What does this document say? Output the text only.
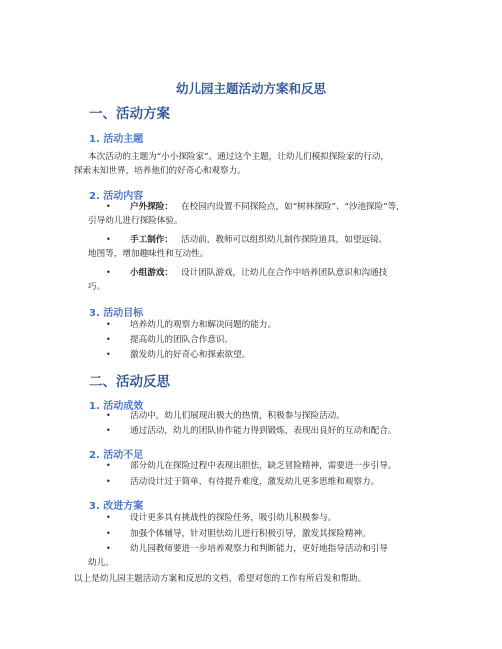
幼儿园主题活动方案和反思
一、活动方案
1. 活动主题
本次活动的主题为“小小探险家”。通过这个主题，让幼儿们模拟探险家的行动，
探索未知世界，培养他们的好奇心和观察力。
2. 活动内容
•	户外探险： 在校园内设置不同探险点，如“树林探险”、“沙池探险”等，
引导幼儿进行探险体验。
•	手工制作： 活动前，教师可以组织幼儿制作探险道具，如望远镜、
地图等，增加趣味性和互动性。
•	小组游戏： 设计团队游戏，让幼儿在合作中培养团队意识和沟通技
巧。
3. 活动目标
•	培养幼儿的观察力和解决问题的能力。
•	提高幼儿的团队合作意识。
•	激发幼儿的好奇心和探索欲望。
二、活动反思
1. 活动成效
•	活动中，幼儿们展现出极大的热情，积极参与探险活动。
•	通过活动，幼儿的团队协作能力得到锻炼，表现出良好的互动和配合。
2. 活动不足
•	部分幼儿在探险过程中表现出胆怯，缺乏冒险精神，需要进一步引导。
•	活动设计过于简单，有待提升难度，激发幼儿更多思维和观察力。
3. 改进方案
•	设计更多具有挑战性的探险任务，吸引幼儿积极参与。
•	加强个体辅导，针对胆怯幼儿进行积极引导，激发其探险精神。
•	幼儿园教师要进一步培养观察力和判断能力，更好地指导活动和引导
幼儿。
以上是幼儿园主题活动方案和反思的文档，希望对您的工作有所启发和帮助。
